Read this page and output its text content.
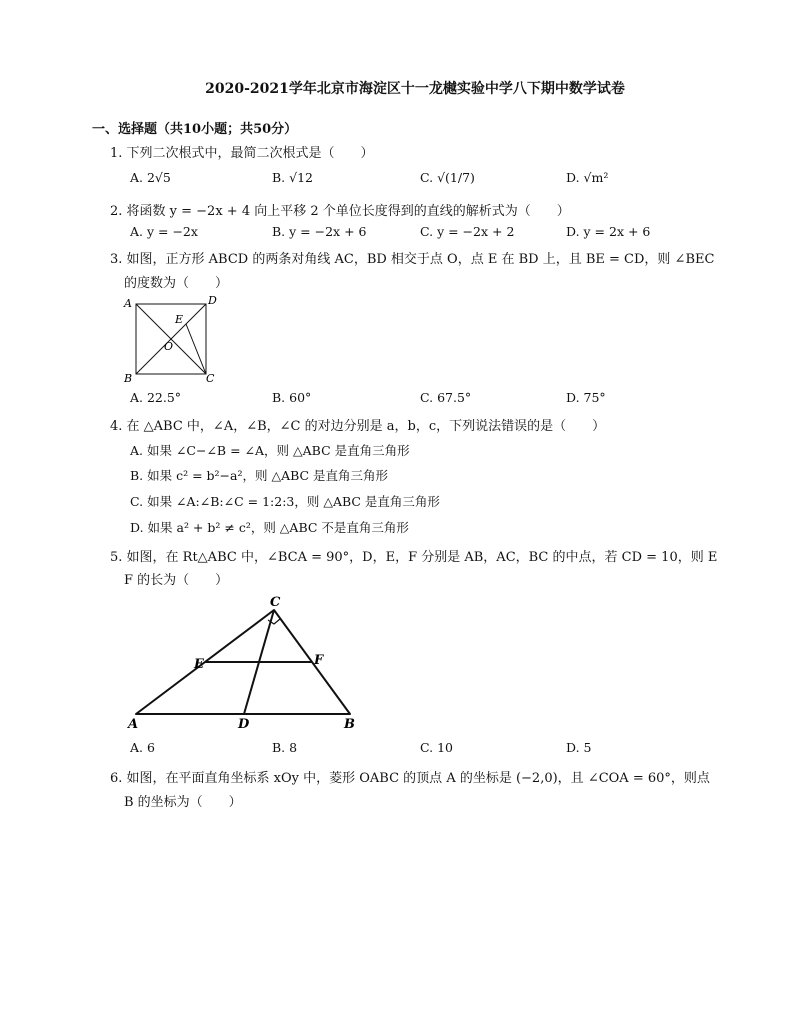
2020-2021学年北京市海淀区十一龙樾实验中学八下期中数学试卷
一、选择题（共10小题；共50分）
1. 下列二次根式中，最简二次根式是（　　）
A. 2√5	B. √12	C. √(1/7)	D. √m²
2. 将函数 y = −2x + 4 向上平移 2 个单位长度得到的直线的解析式为（　　）
A. y = −2x	B. y = −2x + 6	C. y = −2x + 2	D. y = 2x + 6
3. 如图，正方形 ABCD 的两条对角线 AC，BD 相交于点 O，点 E 在 BD 上，且 BE = CD，则 ∠BEC
的度数为（　　）
A	D
E
O
B	C
A. 22.5°	B. 60°	C. 67.5°	D. 75°
4. 在 △ABC 中，∠A，∠B，∠C 的对边分别是 a，b，c，下列说法错误的是（　　）
A. 如果 ∠C−∠B = ∠A，则 △ABC 是直角三角形
B. 如果 c² = b²−a²，则 △ABC 是直角三角形
C. 如果 ∠A:∠B:∠C = 1:2:3，则 △ABC 是直角三角形
D. 如果 a² + b² ≠ c²，则 △ABC 不是直角三角形
5. 如图，在 Rt△ABC 中，∠BCA = 90°，D，E，F 分别是 AB，AC，BC 的中点，若 CD = 10，则 E
F 的长为（　　）
C
E	F
A	D	B
A. 6	B. 8	C. 10	D. 5
6. 如图，在平面直角坐标系 xOy 中，菱形 OABC 的顶点 A 的坐标是 (−2,0)，且 ∠COA = 60°，则点
B 的坐标为（　　）
